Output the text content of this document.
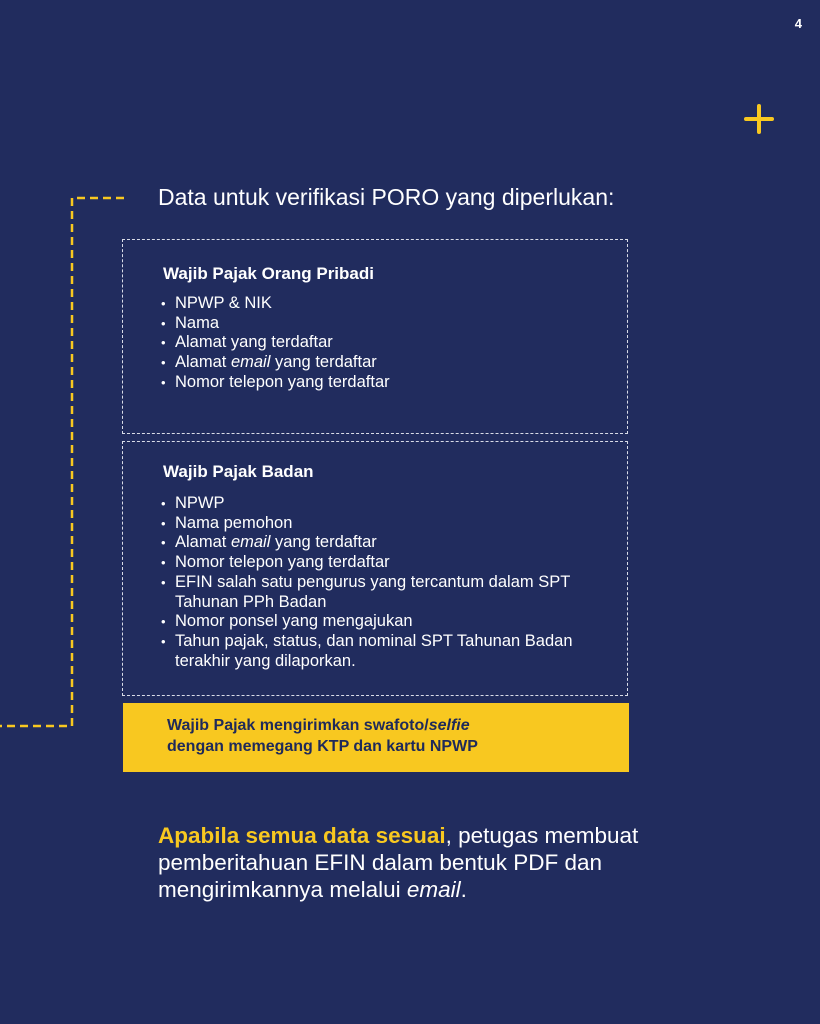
4
Data untuk verifikasi PORO yang diperlukan:
Wajib Pajak Orang Pribadi
• NPWP & NIK
• Nama
• Alamat yang terdaftar
• Alamat email yang terdaftar
• Nomor telepon yang terdaftar
Wajib Pajak Badan
• NPWP
• Nama pemohon
• Alamat email yang terdaftar
• Nomor telepon yang terdaftar
• EFIN salah satu pengurus yang tercantum dalam SPT Tahunan PPh Badan
• Nomor ponsel yang mengajukan
• Tahun pajak, status, dan nominal SPT Tahunan Badan terakhir yang dilaporkan.
Wajib Pajak mengirimkan swafoto/selfie
dengan memegang KTP dan kartu NPWP
Apabila semua data sesuai, petugas membuat pemberitahuan EFIN dalam bentuk PDF dan mengirimkannya melalui email.
